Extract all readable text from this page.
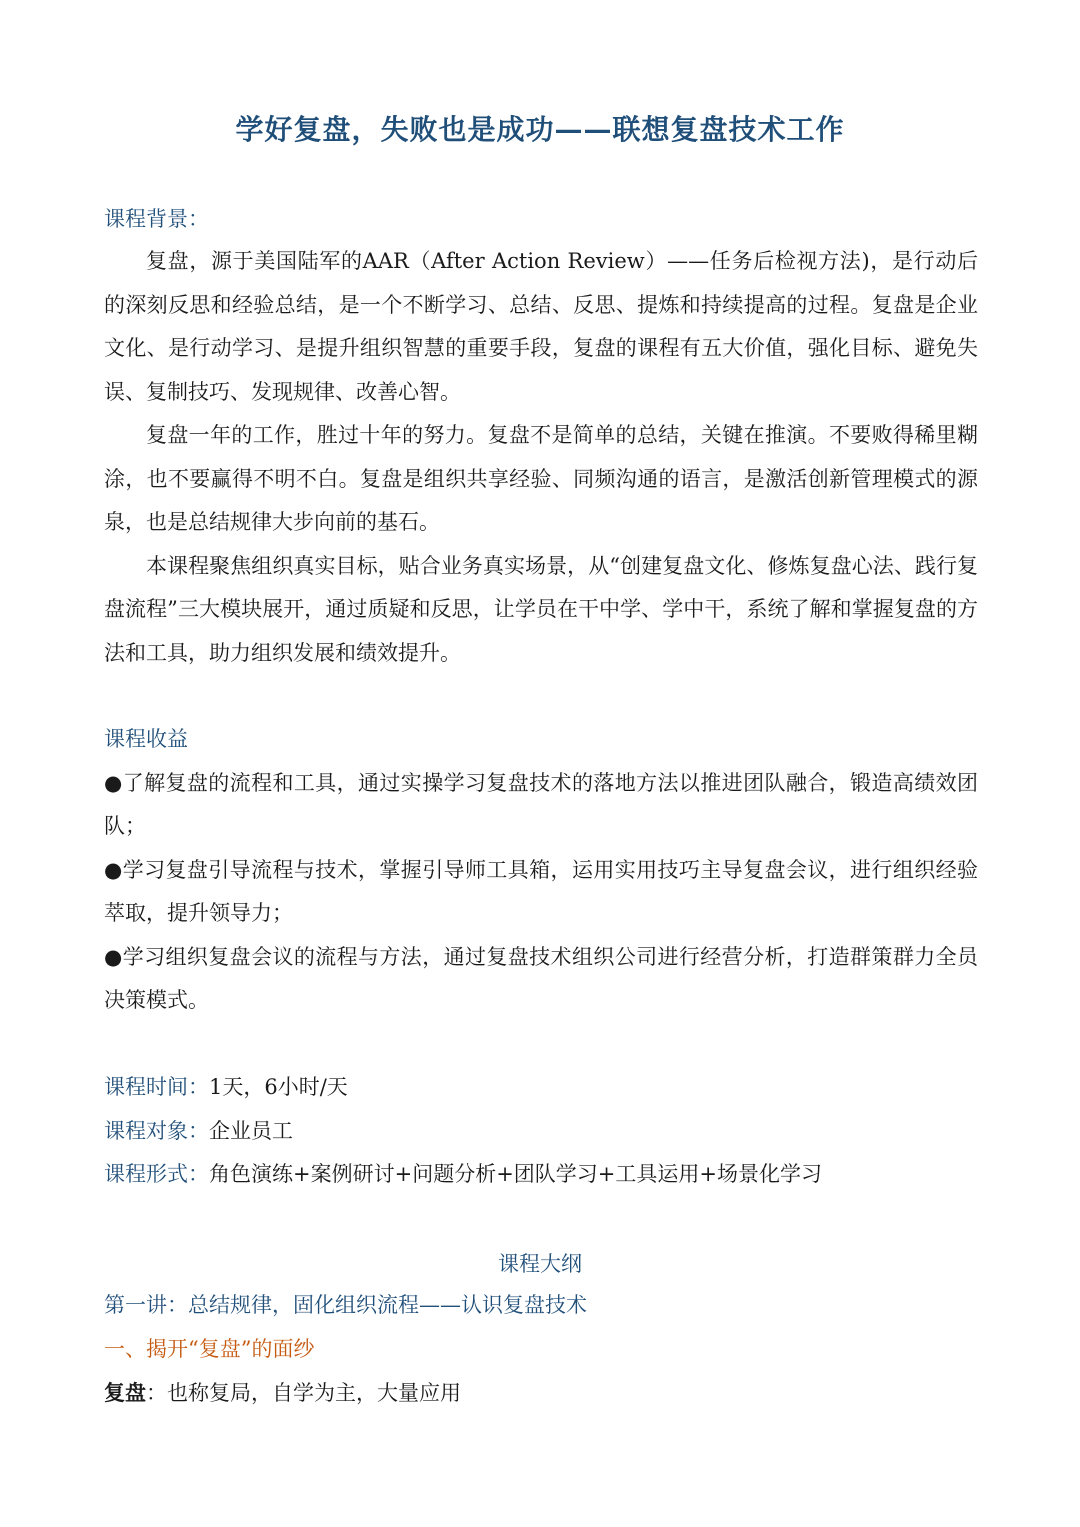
学好复盘，失败也是成功——联想复盘技术工作
课程背景：

复盘，源于美国陆军的AAR（After Action Review）——任务后检视方法)，是行动后的深刻反思和经验总结，是一个不断学习、总结、反思、提炼和持续提高的过程。复盘是企业文化、是行动学习、是提升组织智慧的重要手段，复盘的课程有五大价值，强化目标、避免失误、复制技巧、发现规律、改善心智。

复盘一年的工作，胜过十年的努力。复盘不是简单的总结，关键在推演。不要败得稀里糊涂，也不要赢得不明不白。复盘是组织共享经验、同频沟通的语言，是激活创新管理模式的源泉，也是总结规律大步向前的基石。

本课程聚焦组织真实目标，贴合业务真实场景，从“创建复盘文化、修炼复盘心法、践行复盘流程”三大模块展开，通过质疑和反思，让学员在干中学、学中干，系统了解和掌握复盘的方法和工具，助力组织发展和绩效提升。

课程收益

●了解复盘的流程和工具，通过实操学习复盘技术的落地方法以推进团队融合，锻造高绩效团队；

●学习复盘引导流程与技术，掌握引导师工具箱，运用实用技巧主导复盘会议，进行组织经验萃取，提升领导力；

●学习组织复盘会议的流程与方法，通过复盘技术组织公司进行经营分析，打造群策群力全员决策模式。

课程时间：1天，6小时/天
课程对象：企业员工
课程形式：角色演练+案例研讨+问题分析+团队学习+工具运用+场景化学习
课程大纲
第一讲：总结规律，固化组织流程——认识复盘技术
一、揭开“复盘”的面纱
复盘：也称复局，自学为主，大量应用
